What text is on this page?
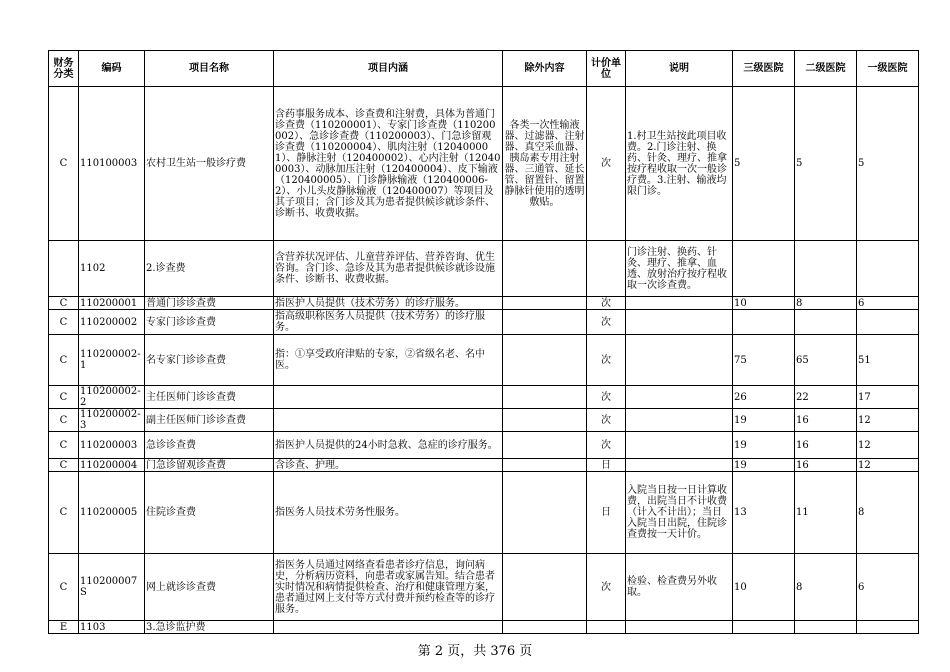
财务分类	编码	项目名称	项目内涵	除外内容	计价单位	说明	三级医院	二级医院	一级医院
C	110100003	农村卫生站一般诊疗费	含药事服务成本、诊查费和注射费，具体为普通门诊查费（110200001）、专家门诊查费（110200002）、急诊诊查费（110200003）、门急诊留观诊查费（110200004）、肌肉注射（120400001）、静脉注射（120400002）、心内注射（120400003）、动脉加压注射（120400004）、皮下输液（120400005）、门诊静脉输液（120400006-2）、小儿头皮静脉输液（120400007）等项目及其子项目；含门诊及其为患者提供候诊就诊条件、诊断书、收费收据。	各类一次性输液器、过滤器、注射器、真空采血器、胰岛素专用注射器、三通管、延长管、留置针、留置静脉针使用的透明敷贴。	次	1.村卫生站按此项目收费。2.门诊注射、换药、针灸、理疗、推拿按疗程收取一次一般诊疗费。3.注射、输液均限门诊。	5	5	5
	1102	2.诊查费	含营养状况评估、儿童营养评估、营养咨询、优生咨询。含门诊、急诊及其为患者提供候诊就诊设施条件、诊断书、收费收据。			门诊注射、换药、针灸、理疗、推拿、血透、放射治疗按疗程收取一次诊查费。			
C	110200001	普通门诊诊查费	指医护人员提供（技术劳务）的诊疗服务。		次		10	8	6
C	110200002	专家门诊诊查费	指高级职称医务人员提供（技术劳务）的诊疗服务。		次				
C	110200002-1	名专家门诊诊查费	指：①享受政府津贴的专家，②省级名老、名中医。		次		75	65	51
C	110200002-2	主任医师门诊诊查费			次		26	22	17
C	110200002-3	副主任医师门诊诊查费			次		19	16	12
C	110200003	急诊诊查费	指医护人员提供的24小时急救、急症的诊疗服务。		次		19	16	12
C	110200004	门急诊留观诊查费	含诊查、护理。		日		19	16	12
C	110200005	住院诊查费	指医务人员技术劳务性服务。		日	入院当日按一日计算收费，出院当日不计收费（计入不计出）；当日入院当日出院，住院诊查费按一天计价。	13	11	8
C	110200007S	网上就诊诊查费	指医务人员通过网络查看患者诊疗信息，询问病史，分析病历资料，向患者或家属告知。结合患者实时情况和病情提供检查、治疗和健康管理方案，患者通过网上支付等方式付费并预约检查等的诊疗服务。		次	检验、检查费另外收取。	10	8	6
E	1103	3.急诊监护费							
第 2 页，共 376 页
